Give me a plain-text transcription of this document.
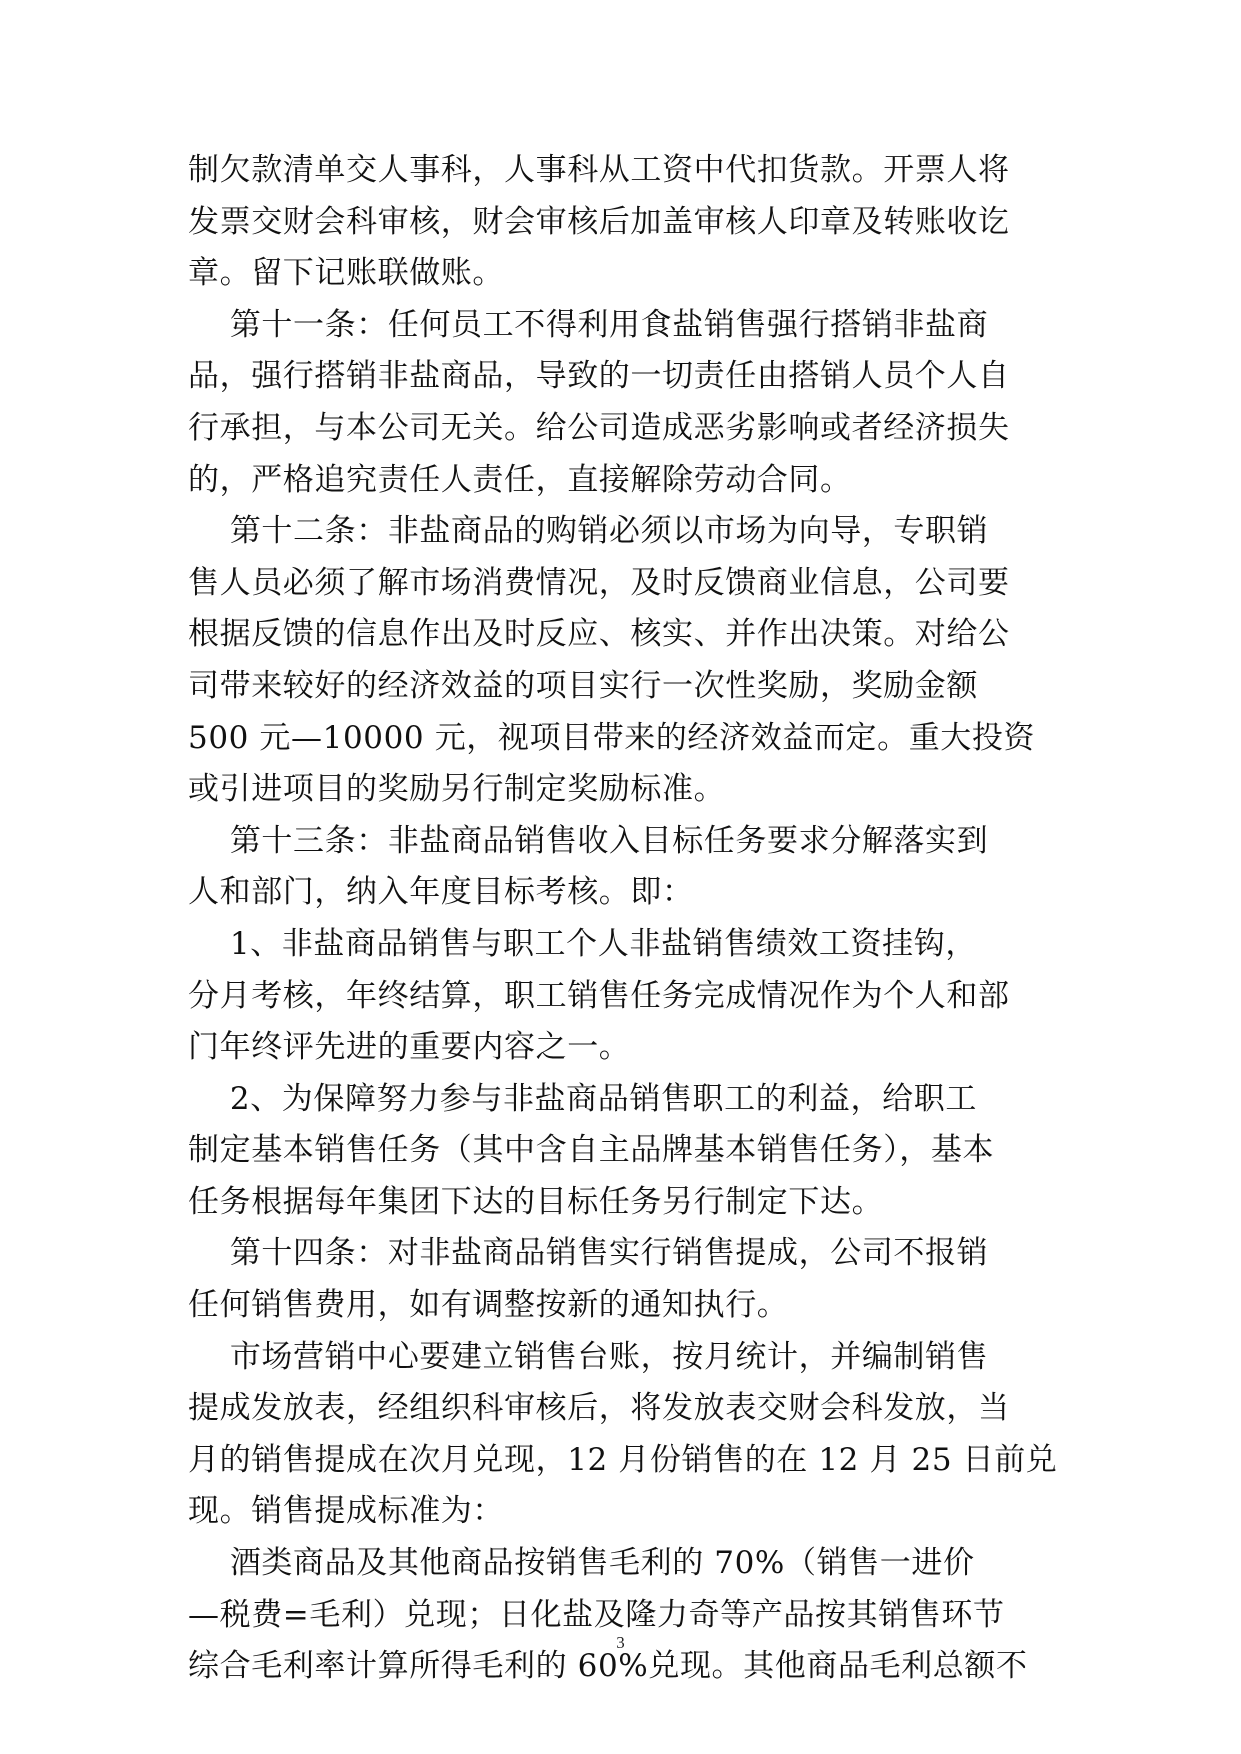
制欠款清单交人事科，人事科从工资中代扣货款。开票人将
发票交财会科审核，财会审核后加盖审核人印章及转账收讫
章。留下记账联做账。
第十一条：任何员工不得利用食盐销售强行搭销非盐商
品，强行搭销非盐商品，导致的一切责任由搭销人员个人自
行承担，与本公司无关。给公司造成恶劣影响或者经济损失
的，严格追究责任人责任，直接解除劳动合同。
第十二条：非盐商品的购销必须以市场为向导，专职销
售人员必须了解市场消费情况，及时反馈商业信息，公司要
根据反馈的信息作出及时反应、核实、并作出决策。对给公
司带来较好的经济效益的项目实行一次性奖励，奖励金额
500 元—10000 元，视项目带来的经济效益而定。重大投资
或引进项目的奖励另行制定奖励标准。
第十三条：非盐商品销售收入目标任务要求分解落实到
人和部门，纳入年度目标考核。即：
1、非盐商品销售与职工个人非盐销售绩效工资挂钩，
分月考核，年终结算，职工销售任务完成情况作为个人和部
门年终评先进的重要内容之一。
2、为保障努力参与非盐商品销售职工的利益，给职工
制定基本销售任务（其中含自主品牌基本销售任务），基本
任务根据每年集团下达的目标任务另行制定下达。
第十四条：对非盐商品销售实行销售提成，公司不报销
任何销售费用，如有调整按新的通知执行。
市场营销中心要建立销售台账，按月统计，并编制销售
提成发放表，经组织科审核后，将发放表交财会科发放，当
月的销售提成在次月兑现，12 月份销售的在 12 月 25 日前兑
现。销售提成标准为：
酒类商品及其他商品按销售毛利的 70%（销售一进价
—税费=毛利）兑现；日化盐及隆力奇等产品按其销售环节
综合毛利率计算所得毛利的 60%兑现。其他商品毛利总额不
3
